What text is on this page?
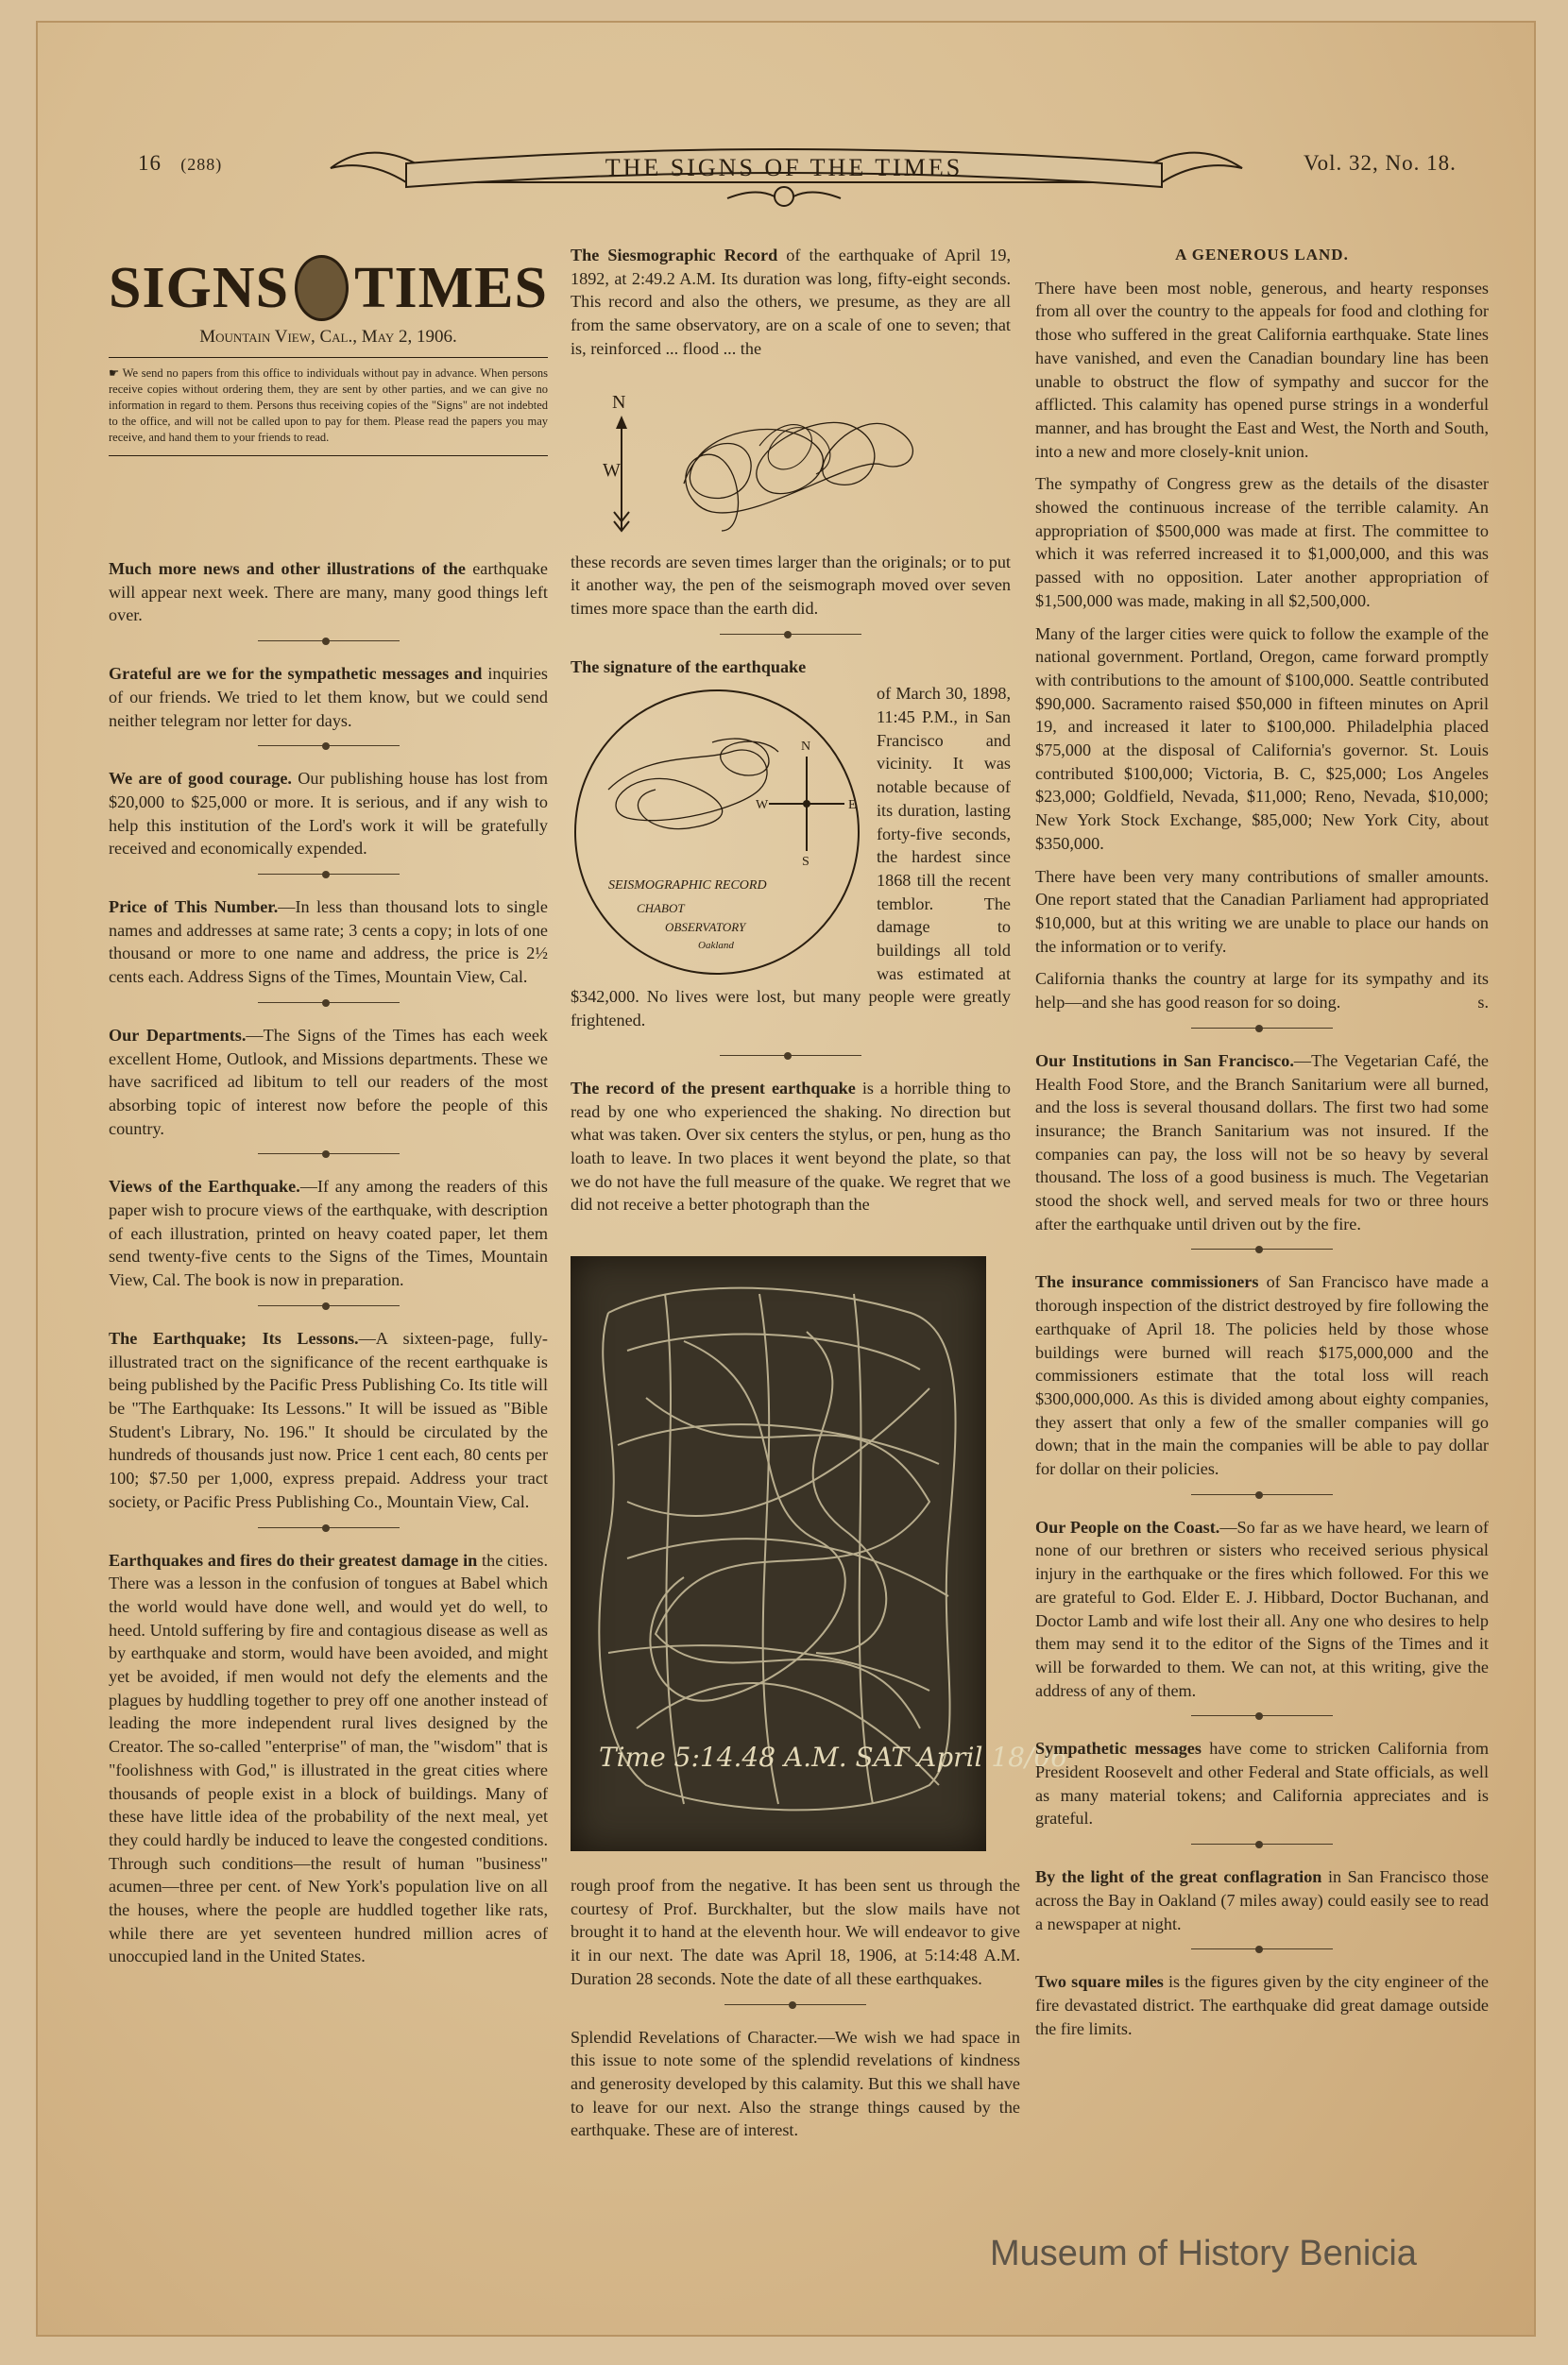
16 (288)	THE SIGNS OF THE TIMES	Vol. 32, No. 18.
SIGNS TIMES
Mountain View, Cal., May 2, 1906.
☛ We send no papers from this office to individuals without pay in advance. When persons receive copies without ordering them, they are sent by other parties, and we can give no information in regard to them. Persons thus receiving copies of the "Signs" are not indebted to the office, and will not be called upon to pay for them. Please read the papers you may receive, and hand them to your friends to read.

Much more news and other illustrations of the earthquake will appear next week. There are many, many good things left over.

Grateful are we for the sympathetic messages and inquiries of our friends. We tried to let them know, but we could send neither telegram nor letter for days.

We are of good courage. Our publishing house has lost from $20,000 to $25,000 or more. It is serious, and if any wish to help this institution of the Lord's work it will be gratefully received and economically expended.

Price of This Number.—In less than thousand lots to single names and addresses at same rate; 3 cents a copy; in lots of one thousand or more to one name and address, the price is 2½ cents each. Address Signs of the Times, Mountain View, Cal.

Our Departments.—The Signs of the Times has each week excellent Home, Outlook, and Missions departments. These we have sacrificed ad libitum to tell our readers of the most absorbing topic of interest now before the people of this country.

Views of the Earthquake.—If any among the readers of this paper wish to procure views of the earthquake, with description of each illustration, printed on heavy coated paper, let them send twenty-five cents to the Signs of the Times, Mountain View, Cal. The book is now in preparation.

The Earthquake; Its Lessons.—A sixteen-page, fully-illustrated tract on the significance of the recent earthquake is being published by the Pacific Press Publishing Co. Its title will be "The Earthquake: Its Lessons." It will be issued as "Bible Student's Library, No. 196." It should be circulated by the hundreds of thousands just now. Price 1 cent each, 80 cents per 100; $7.50 per 1,000, express prepaid. Address your tract society, or Pacific Press Publishing Co., Mountain View, Cal.

Earthquakes and fires do their greatest damage in the cities. There was a lesson in the confusion of tongues at Babel which the world would have done well, and would yet do well, to heed. Untold suffering by fire and contagious disease as well as by earthquake and storm, would have been avoided, and might yet be avoided, if men would not defy the elements and the plagues by huddling together to prey off one another instead of leading the more independent rural lives designed by the Creator. The so-called "enterprise" of man, the "wisdom" that is "foolishness with God," is illustrated in the great cities where thousands of people exist in a block of buildings. Many of these have little idea of the probability of the next meal, yet they could hardly be induced to leave the congested conditions. Through such conditions—the result of human "business" acumen—three per cent. of New York's population live on all the houses, where the people are huddled together like rats, while there are yet seventeen hundred million acres of unoccupied land in the United States.

The Siesmographic Record of the earthquake of April 19, 1892, at 2:49.2 A.M. Its duration was long, fifty-eight seconds. This record and also the others, we presume, as they are all from the same observatory, are on a scale of one to seven; that is, reinforced ... flood ... the

N
W

these records are seven times larger than the originals; or to put it another way, the pen of the seismograph moved over seven times more space than the earth did.

The signature of the earthquake

N
E
S
W
SEISMOGRAPHIC RECORD
CHABOT
OBSERVATORY
Oakland

of March 30, 1898, 11:45 P.M., in San Francisco and vicinity. It was notable because of its duration, lasting forty-five seconds, the hardest since 1868 till the recent temblor. The damage to buildings all told was estimated at $342,000. No lives were lost, but many people were greatly frightened.

The record of the present earthquake is a horrible thing to read by one who experienced the shaking. No direction but what was taken. Over six centers the stylus, or pen, hung as tho loath to leave. In two places it went beyond the plate, so that we do not have the full measure of the quake. We regret that we did not receive a better photograph than the

Time 5:14.48 A.M. SAT April 18/06

rough proof from the negative. It has been sent us through the courtesy of Prof. Burckhalter, but the slow mails have not brought it to hand at the eleventh hour. We will endeavor to give it in our next. The date was April 18, 1906, at 5:14:48 A.M. Duration 28 seconds. Note the date of all these earthquakes.

Splendid Revelations of Character.—We wish we had space in this issue to note some of the splendid revelations of kindness and generosity developed by this calamity. But this we shall have to leave for our next. Also the strange things caused by the earthquake. These are of interest.

A GENEROUS LAND.

There have been most noble, generous, and hearty responses from all over the country to the appeals for food and clothing for those who suffered in the great California earthquake. State lines have vanished, and even the Canadian boundary line has been unable to obstruct the flow of sympathy and succor for the afflicted. This calamity has opened purse strings in a wonderful manner, and has brought the East and West, the North and South, into a new and more closely-knit union.

The sympathy of Congress grew as the details of the disaster showed the continuous increase of the terrible calamity. An appropriation of $500,000 was made at first. The committee to which it was referred increased it to $1,000,000, and this was passed with no opposition. Later another appropriation of $1,500,000 was made, making in all $2,500,000.

Many of the larger cities were quick to follow the example of the national government. Portland, Oregon, came forward promptly with contributions to the amount of $100,000. Seattle contributed $90,000. Sacramento raised $50,000 in fifteen minutes on April 19, and increased it later to $100,000. Philadelphia placed $75,000 at the disposal of California's governor. St. Louis contributed $100,000; Victoria, B. C, $25,000; Los Angeles $23,000; Goldfield, Nevada, $11,000; Reno, Nevada, $10,000; New York Stock Exchange, $85,000; New York City, about $350,000.

There have been very many contributions of smaller amounts. One report stated that the Canadian Parliament had appropriated $10,000, but at this writing we are unable to place our hands on the information or to verify.

California thanks the country at large for its sympathy and its help—and she has good reason for so doing.	s.

Our Institutions in San Francisco.—The Vegetarian Café, the Health Food Store, and the Branch Sanitarium were all burned, and the loss is several thousand dollars. The first two had some insurance; the Branch Sanitarium was not insured. If the companies can pay, the loss will not be so heavy by several thousand. The loss of a good business is much. The Vegetarian stood the shock well, and served meals for two or three hours after the earthquake until driven out by the fire.

The insurance commissioners of San Francisco have made a thorough inspection of the district destroyed by fire following the earthquake of April 18. The policies held by those whose buildings were burned will reach $175,000,000 and the commissioners estimate that the total loss will reach $300,000,000. As this is divided among about eighty companies, they assert that only a few of the smaller companies will go down; that in the main the companies will be able to pay dollar for dollar on their policies.

Our People on the Coast.—So far as we have heard, we learn of none of our brethren or sisters who received serious physical injury in the earthquake or the fires which followed. For this we are grateful to God. Elder E. J. Hibbard, Doctor Buchanan, and Doctor Lamb and wife lost their all. Any one who desires to help them may send it to the editor of the Signs of the Times and it will be forwarded to them. We can not, at this writing, give the address of any of them.

Sympathetic messages have come to stricken California from President Roosevelt and other Federal and State officials, as well as many material tokens; and California appreciates and is grateful.

By the light of the great conflagration in San Francisco those across the Bay in Oakland (7 miles away) could easily see to read a newspaper at night.

Two square miles is the figures given by the city engineer of the fire devastated district. The earthquake did great damage outside the fire limits.

Museum of History Benicia
